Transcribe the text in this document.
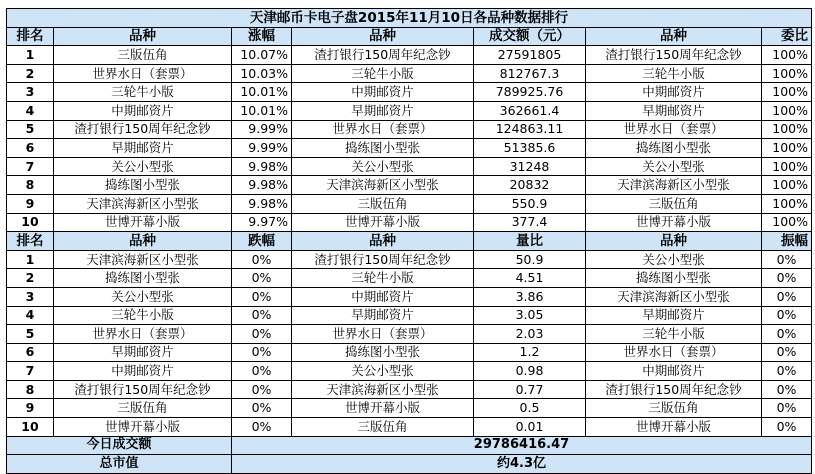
天津邮币卡电子盘2015年11月10日各品种数据排行						
排名	品种	涨幅	品种	成交额（元）	品种	委比
1	三版伍角	10.07%	渣打银行150周年纪念钞	27591805	渣打银行150周年纪念钞	100%
2	世界水日（套票）	10.03%	三轮牛小版	812767.3	三轮牛小版	100%
3	三轮牛小版	10.01%	中期邮资片	789925.76	中期邮资片	100%
4	中期邮资片	10.01%	早期邮资片	362661.4	早期邮资片	100%
5	渣打银行150周年纪念钞	9.99%	世界水日（套票）	124863.11	世界水日（套票）	100%
6	早期邮资片	9.99%	捣练图小型张	51385.6	捣练图小型张	100%
7	关公小型张	9.98%	关公小型张	31248	关公小型张	100%
8	捣练图小型张	9.98%	天津滨海新区小型张	20832	天津滨海新区小型张	100%
9	天津滨海新区小型张	9.98%	三版伍角	550.9	三版伍角	100%
10	世博开幕小版	9.97%	世博开幕小版	377.4	世博开幕小版	100%
排名	品种	跌幅	品种	量比	品种	振幅
1	天津滨海新区小型张	0%	渣打银行150周年纪念钞	50.9	关公小型张	0%
2	捣练图小型张	0%	三轮牛小版	4.51	捣练图小型张	0%
3	关公小型张	0%	中期邮资片	3.86	天津滨海新区小型张	0%
4	三轮牛小版	0%	早期邮资片	3.05	早期邮资片	0%
5	世界水日（套票）	0%	世界水日（套票）	2.03	三轮牛小版	0%
6	早期邮资片	0%	捣练图小型张	1.2	世界水日（套票）	0%
7	中期邮资片	0%	关公小型张	0.98	中期邮资片	0%
8	渣打银行150周年纪念钞	0%	天津滨海新区小型张	0.77	渣打银行150周年纪念钞	0%
9	三版伍角	0%	世博开幕小版	0.5	三版伍角	0%
10	世博开幕小版	0%	三版伍角	0.01	世博开幕小版	0%
今日成交额		29786416.47				
总市值		约4.3亿				
